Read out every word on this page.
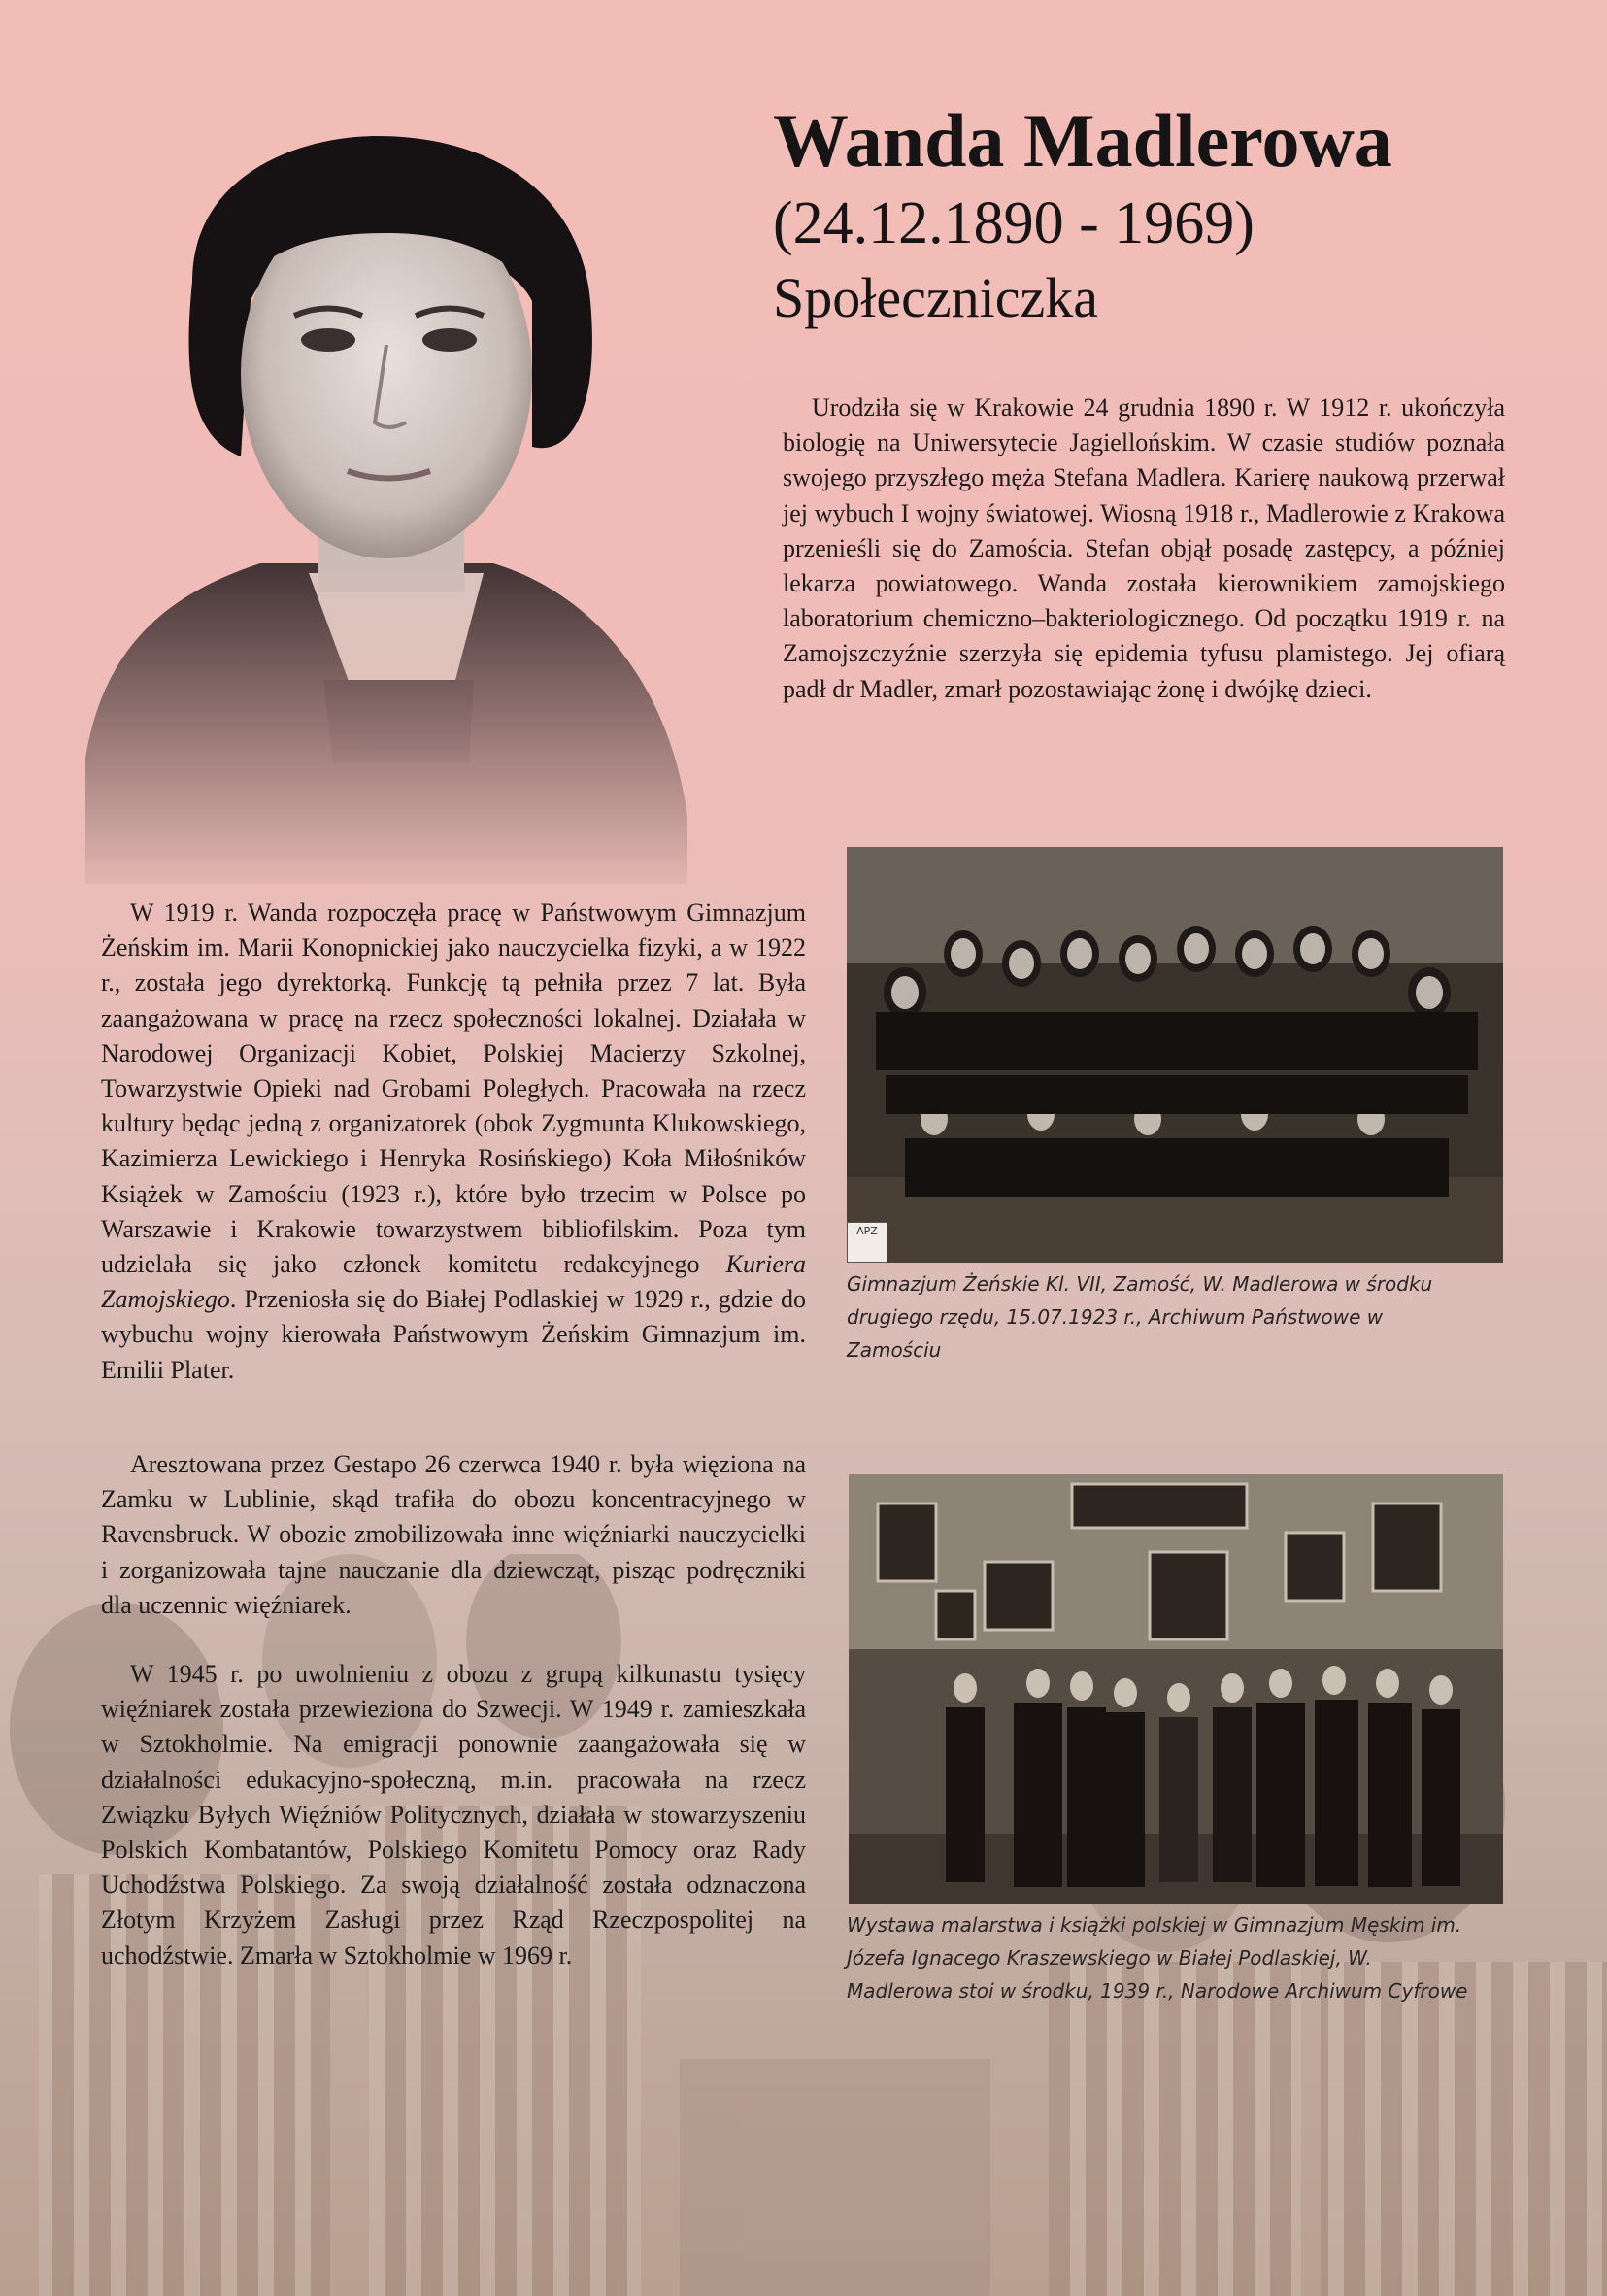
Wanda Madlerowa
(24.12.1890 - 1969)
Społeczniczka

Urodziła się w Krakowie 24 grudnia 1890 r. W 1912 r. ukończyła biologię na Uniwersytecie Jagiellońskim. W czasie studiów poznała swojego przyszłego męża Stefana Madlera. Karierę naukową przerwał jej wybuch I wojny światowej. Wiosną 1918 r., Madlerowie z Krakowa przenieśli się do Zamościa. Stefan objął posadę zastępcy, a później lekarza powiatowego. Wanda została kierownikiem zamojskiego laboratorium chemiczno–bakteriologicznego. Od początku 1919 r. na Zamojszczyźnie szerzyła się epidemia tyfusu plamistego. Jej ofiarą padł dr Madler, zmarł pozostawiając żonę i dwójkę dzieci.

APZ

Gimnazjum Żeńskie Kl. VII, Zamość, W. Madlerowa w środku drugiego rzędu, 15.07.1923 r., Archiwum Państwowe w Zamościu

W 1919 r. Wanda rozpoczęła pracę w Państwowym Gimnazjum Żeńskim im. Marii Konopnickiej jako nauczycielka fizyki, a w 1922 r., została jego dyrektorką. Funkcję tą pełniła przez 7 lat. Była zaangażowana w pracę na rzecz społeczności lokalnej. Działała w Narodowej Organizacji Kobiet, Polskiej Macierzy Szkolnej, Towarzystwie Opieki nad Grobami Poległych. Pracowała na rzecz kultury będąc jedną z organizatorek (obok Zygmunta Klukowskiego, Kazimierza Lewickiego i Henryka Rosińskiego) Koła Miłośników Książek w Zamościu (1923 r.), które było trzecim w Polsce po Warszawie i Krakowie towarzystwem bibliofilskim. Poza tym udzielała się jako członek komitetu redakcyjnego Kuriera Zamojskiego. Przeniosła się do Białej Podlaskiej w 1929 r., gdzie do wybuchu wojny kierowała Państwowym Żeńskim Gimnazjum im. Emilii Plater.

Aresztowana przez Gestapo 26 czerwca 1940 r. była więziona na Zamku w Lublinie, skąd trafiła do obozu koncentracyjnego w Ravensbruck. W obozie zmobilizowała inne więźniarki nauczycielki i zorganizowała tajne nauczanie dla dziewcząt, pisząc podręczniki dla uczennic więźniarek.

Wystawa malarstwa i książki polskiej w Gimnazjum Męskim im. Józefa Ignacego Kraszewskiego w Białej Podlaskiej, W. Madlerowa stoi w środku, 1939 r., Narodowe Archiwum Cyfrowe

W 1945 r. po uwolnieniu z obozu z grupą kilkunastu tysięcy więźniarek została przewieziona do Szwecji. W 1949 r. zamieszkała w Sztokholmie. Na emigracji ponownie zaangażowała się w działalności edukacyjno-społeczną, m.in. pracowała na rzecz Związku Byłych Więźniów Politycznych, działała w stowarzyszeniu Polskich Kombatantów, Polskiego Komitetu Pomocy oraz Rady Uchodźstwa Polskiego. Za swoją działalność została odznaczona Złotym Krzyżem Zasługi przez Rząd Rzeczpospolitej na uchodźstwie. Zmarła w Sztokholmie w 1969 r.
